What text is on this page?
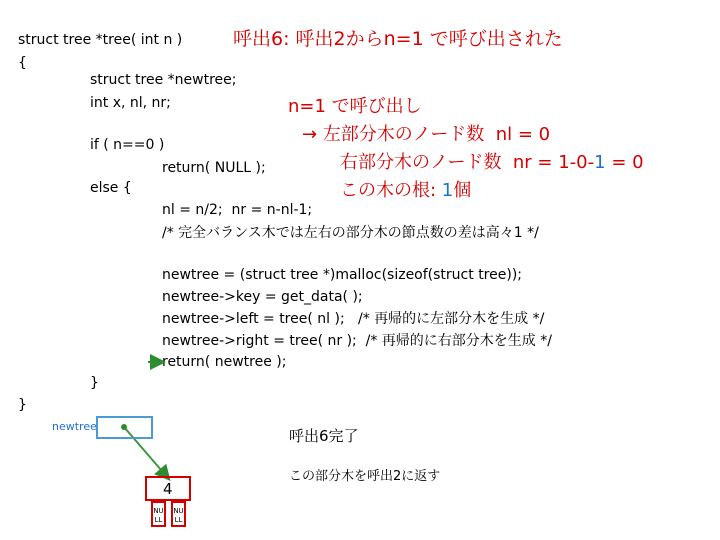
struct tree *tree( int n )
{
struct tree *newtree;
int x, nl, nr;
if ( n==0 )
return( NULL );
else {
nl = n/2;  nr = n-nl-1;
/* 完全バランス木では左右の部分木の節点数の差は高々1 */
newtree = (struct tree *)malloc(sizeof(struct tree));
newtree->key = get_data( );
newtree->left = tree( nl );   /* 再帰的に左部分木を生成 */
newtree->right = tree( nr );  /* 再帰的に右部分木を生成 */
return( newtree );
}
}
呼出6: 呼出2からn=1 で呼び出された
n=1 で呼び出し
→ 左部分木のノード数  nl = 0
右部分木のノード数  nr = 1-0-1 = 0
この木の根: 1個
newtree
4
NULL
NULL
呼出6完了
この部分木を呼出2に返す
